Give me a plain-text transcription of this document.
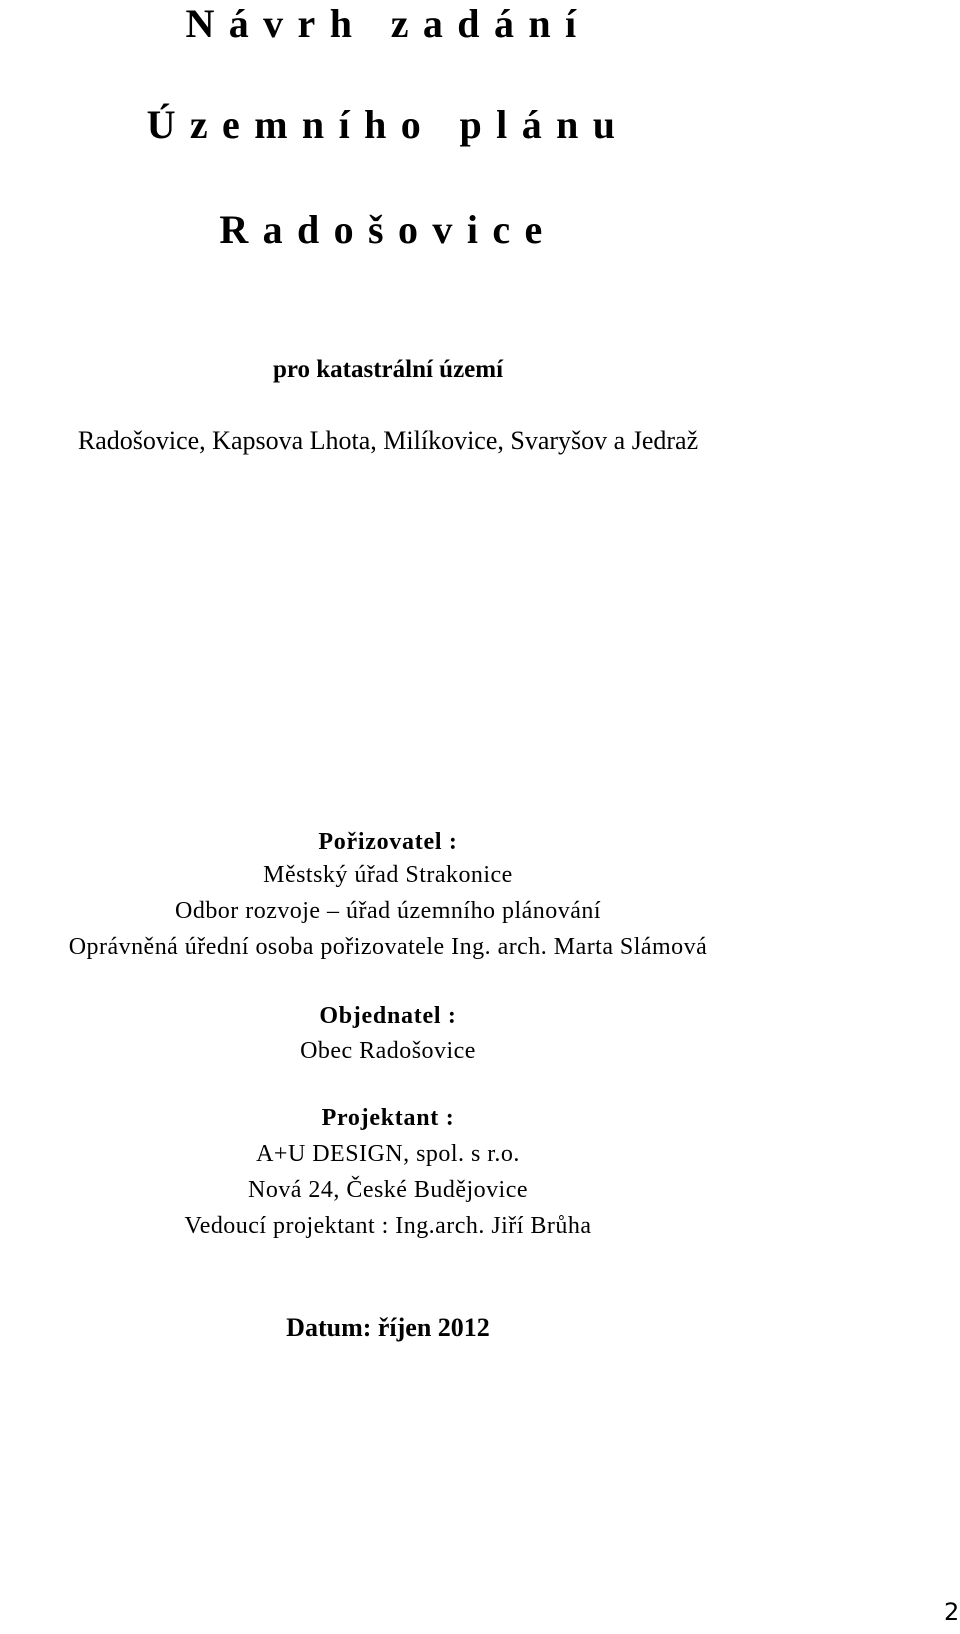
Návrh zadání
Územního plánu
Radošovice
pro katastrální území
Radošovice, Kapsova Lhota, Milíkovice, Svaryšov a Jedraž
Pořizovatel :
Městský úřad Strakonice
Odbor rozvoje – úřad územního plánování
Oprávněná úřední osoba pořizovatele Ing. arch. Marta Slámová
Objednatel :
Obec Radošovice
Projektant :
A+U DESIGN, spol. s r.o.
Nová 24, České Budějovice
Vedoucí projektant : Ing.arch. Jiří Brůha
Datum: říjen 2012
2
